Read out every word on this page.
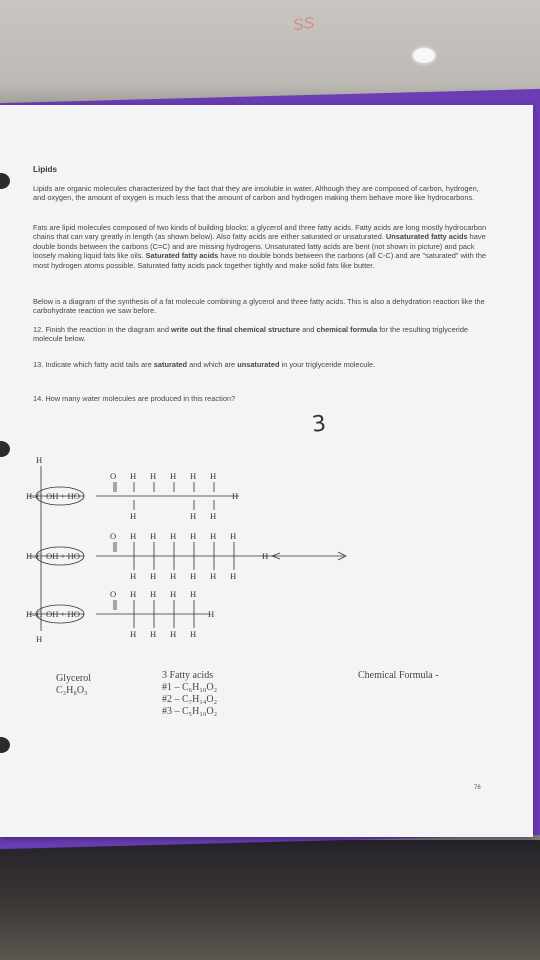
SS
Lipids
Lipids are organic molecules characterized by the fact that they are insoluble in water. Although they are composed of carbon, hydrogen, and oxygen, the amount of oxygen is much less that the amount of carbon and hydrogen making them behave more like hydrocarbons.
Fats are lipid molecules composed of two kinds of building blocks: a glycerol and three fatty acids. Fatty acids are long mostly hydrocarbon chains that can vary greatly in length (as shown below). Also fatty acids are either saturated or unsaturated. Unsaturated fatty acids have double bonds between the carbons (C=C) and are missing hydrogens. Unsaturated fatty acids are bent (not shown in picture) and pack loosely making liquid fats like oils. Saturated fatty acids have no double bonds between the carbons (all C-C) and are "saturated" with the most hydrogen atoms possible. Saturated fatty acids pack together tightly and make solid fats like butter.
Below is a diagram of the synthesis of a fat molecule combining a glycerol and three fatty acids. This is also a dehydration reaction like the carbohydrate reaction we saw before.
12. Finish the reaction in the diagram and write out the final chemical structure and chemical formula for the resulting triglyceride molecule below.
13. Indicate which fatty acid tails are saturated and which are unsaturated in your triglyceride molecule.
14. How many water molecules are produced in this reaction?
3
H
H–C OH + HO
O H H H H H
H
H	H H
H–C OH + HO
O H H H H H H
H
H H H H H H
H–C OH + HO
O H H H H
H
H H H H
H
Glycerol
C₃H₈O₃
3 Fatty acids
#1 – C₆H₁₀O₂
#2 – C₇H₁₄O₂
#3 – C₅H₁₀O₂
Chemical Formula -
76
